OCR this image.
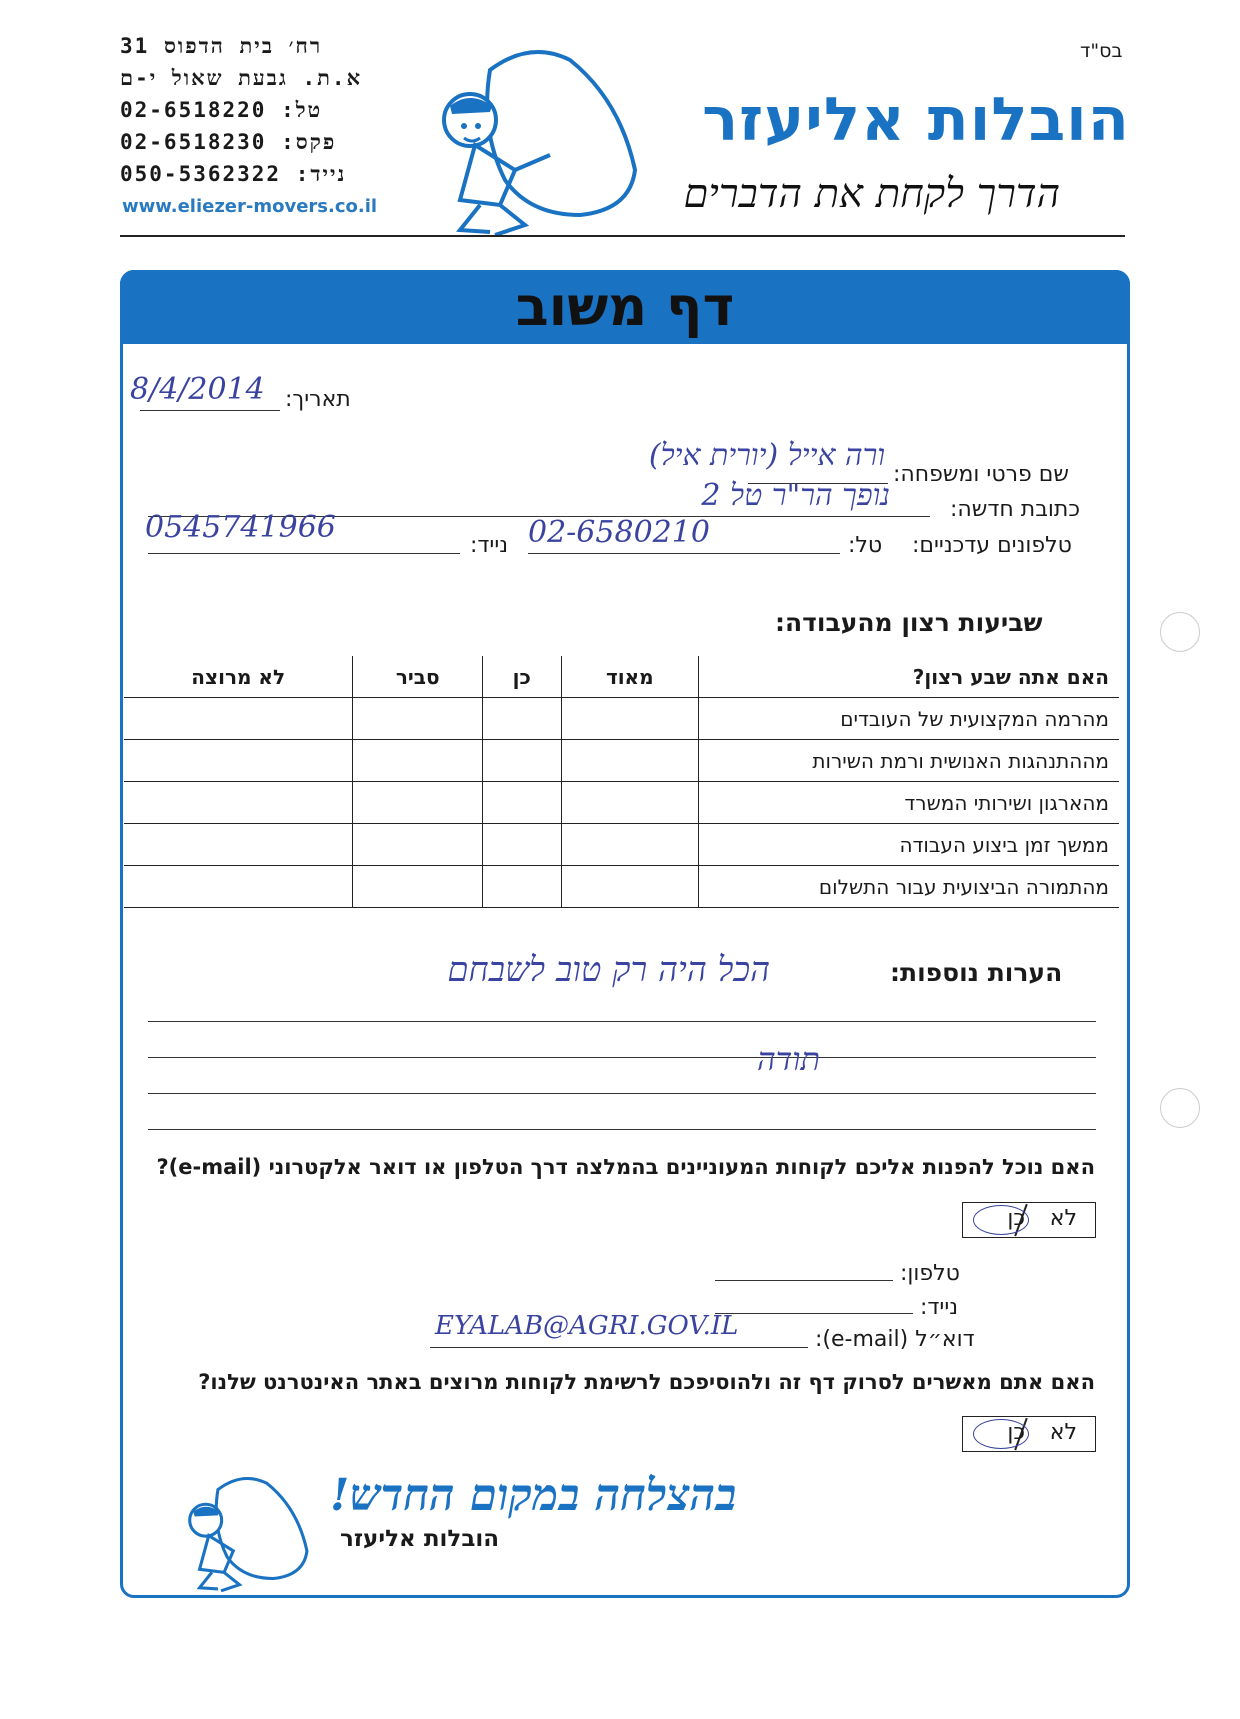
בס"ד
רח׳ בית הדפוס 31
א.ת. גבעת שאול י-ם
טל: 02-6518220
פקס: 02-6518230
נייד: 050-5362322
www.eliezer-movers.co.il
הובלות אליעזר
הדרך לקחת את הדברים
דף משוב
תאריך:
8/4/2014
שם פרטי ומשפחה:
ורה אייל (יורית איל)
כתובת חדשה:
נופך הר"ר טל 2
טלפונים עדכניים:
טל:
02-6580210
נייד:
0545741966
שביעות רצון מהעבודה:
האם אתה שבע רצון?	מאוד	כן	סביר	לא מרוצה
מהרמה המקצועית של העובדים				
מההתנהגות האנושית ורמת השירות				
מהארגון ושירותי המשרד				
ממשך זמן ביצוע העבודה				
מהתמורה הביצועית עבור התשלום				
הערות נוספות:
הכל היה רק טוב לשבחם
תודה
האם נוכל להפנות אליכם לקוחות המעוניינים בהמלצה דרך הטלפון או דואר אלקטרוני (e-mail)?
לא
כן
טלפון:
נייד:
דוא״ל (e-mail):
EYALAB@AGRI.GOV.IL
האם אתם מאשרים לסרוק דף זה ולהוסיפכם לרשימת לקוחות מרוצים באתר האינטרנט שלנו?
לא
כן
בהצלחה במקום החדש!
הובלות אליעזר
